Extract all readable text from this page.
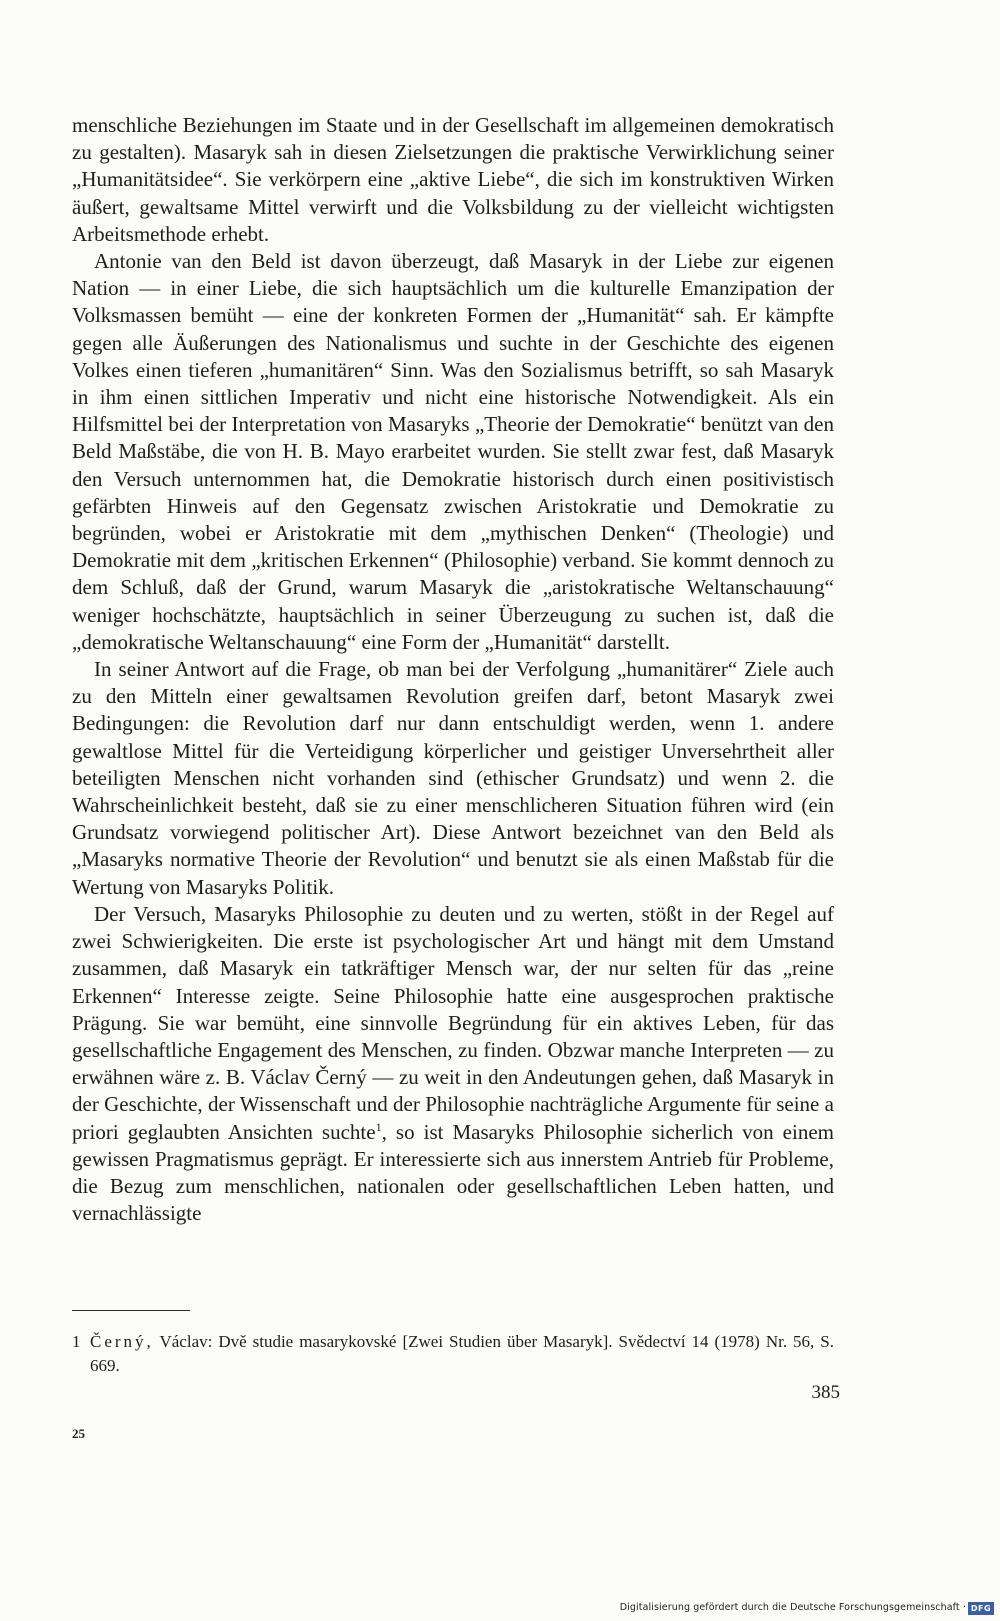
menschliche Beziehungen im Staate und in der Gesellschaft im allgemeinen demokratisch zu gestalten). Masaryk sah in diesen Zielsetzungen die praktische Verwirklichung seiner „Humanitätsidee“. Sie verkörpern eine „aktive Liebe“, die sich im konstruktiven Wirken äußert, gewaltsame Mittel verwirft und die Volksbildung zu der vielleicht wichtigsten Arbeitsmethode erhebt.

Antonie van den Beld ist davon überzeugt, daß Masaryk in der Liebe zur eigenen Nation — in einer Liebe, die sich hauptsächlich um die kulturelle Emanzipation der Volksmassen bemüht — eine der konkreten Formen der „Humanität“ sah. Er kämpfte gegen alle Äußerungen des Nationalismus und suchte in der Geschichte des eigenen Volkes einen tieferen „humanitären“ Sinn. Was den Sozialismus betrifft, so sah Masaryk in ihm einen sittlichen Imperativ und nicht eine historische Notwendigkeit. Als ein Hilfsmittel bei der Interpretation von Masaryks „Theorie der Demokratie“ benützt van den Beld Maßstäbe, die von H. B. Mayo erarbeitet wurden. Sie stellt zwar fest, daß Masaryk den Versuch unternommen hat, die Demokratie historisch durch einen positivistisch gefärbten Hinweis auf den Gegensatz zwischen Aristokratie und Demokratie zu begründen, wobei er Aristokratie mit dem „mythischen Denken“ (Theologie) und Demokratie mit dem „kritischen Erkennen“ (Philosophie) verband. Sie kommt dennoch zu dem Schluß, daß der Grund, warum Masaryk die „aristokratische Weltanschauung“ weniger hochschätzte, hauptsächlich in seiner Überzeugung zu suchen ist, daß die „demokratische Weltanschauung“ eine Form der „Humanität“ darstellt.

In seiner Antwort auf die Frage, ob man bei der Verfolgung „humanitärer“ Ziele auch zu den Mitteln einer gewaltsamen Revolution greifen darf, betont Masaryk zwei Bedingungen: die Revolution darf nur dann entschuldigt werden, wenn 1. andere gewaltlose Mittel für die Verteidigung körperlicher und geistiger Unversehrtheit aller beteiligten Menschen nicht vorhanden sind (ethischer Grundsatz) und wenn 2. die Wahrscheinlichkeit besteht, daß sie zu einer menschlicheren Situation führen wird (ein Grundsatz vorwiegend politischer Art). Diese Antwort bezeichnet van den Beld als „Masaryks normative Theorie der Revolution“ und benutzt sie als einen Maßstab für die Wertung von Masaryks Politik.

Der Versuch, Masaryks Philosophie zu deuten und zu werten, stößt in der Regel auf zwei Schwierigkeiten. Die erste ist psychologischer Art und hängt mit dem Umstand zusammen, daß Masaryk ein tatkräftiger Mensch war, der nur selten für das „reine Erkennen“ Interesse zeigte. Seine Philosophie hatte eine ausgesprochen praktische Prägung. Sie war bemüht, eine sinnvolle Begründung für ein aktives Leben, für das gesellschaftliche Engagement des Menschen, zu finden. Obzwar manche Interpreten — zu erwähnen wäre z. B. Václav Černý — zu weit in den Andeutungen gehen, daß Masaryk in der Geschichte, der Wissenschaft und der Philosophie nachträgliche Argumente für seine a priori geglaubten Ansichten suchte$^1$, so ist Masaryks Philosophie sicherlich von einem gewissen Pragmatismus geprägt. Er interessierte sich aus innerstem Antrieb für Probleme, die Bezug zum menschlichen, nationalen oder gesellschaftlichen Leben hatten, und vernachlässigte

1 Černý, Václav: Dvě studie masarykovské [Zwei Studien über Masaryk]. Svědectví 14 (1978) Nr. 56, S. 669.
385
25
Digitalisierung gefördert durch die Deutsche Forschungsgemeinschaft · DFG
